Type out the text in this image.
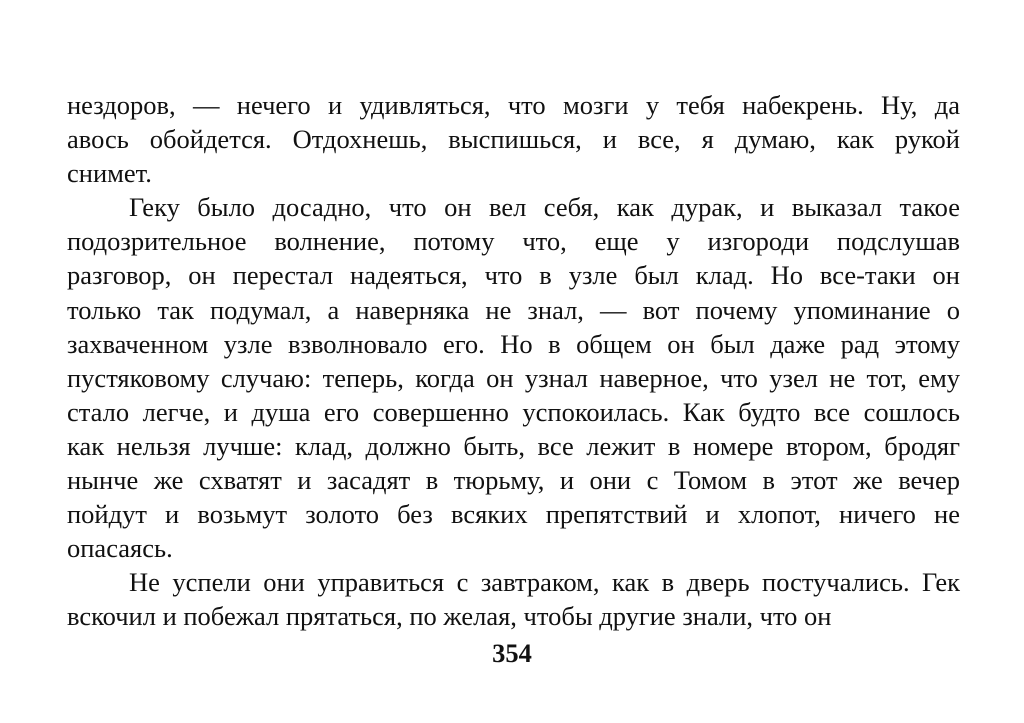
нездоров, — нечего и удивляться, что мозги у тебя набекрень. Ну, да
авось обойдется. Отдохнешь, выспишься, и все, я думаю, как рукой
снимет.
Геку было досадно, что он вел себя, как дурак, и выказал такое
подозрительное волнение, потому что, еще у изгороди подслушав
разговор, он перестал надеяться, что в узле был клад. Но все-таки он
только так подумал, а наверняка не знал, — вот почему упоминание о
захваченном узле взволновало его. Но в общем он был даже рад этому
пустяковому случаю: теперь, когда он узнал наверное, что узел не тот, ему
стало легче, и душа его совершенно успокоилась. Как будто все сошлось
как нельзя лучше: клад, должно быть, все лежит в номере втором, бродяг
нынче же схватят и засадят в тюрьму, и они с Томом в этот же вечер
пойдут и возьмут золото без всяких препятствий и хлопот, ничего не
опасаясь.
Не успели они управиться с завтраком, как в дверь постучались. Гек
вскочил и побежал прятаться, по желая, чтобы другие знали, что он
354
